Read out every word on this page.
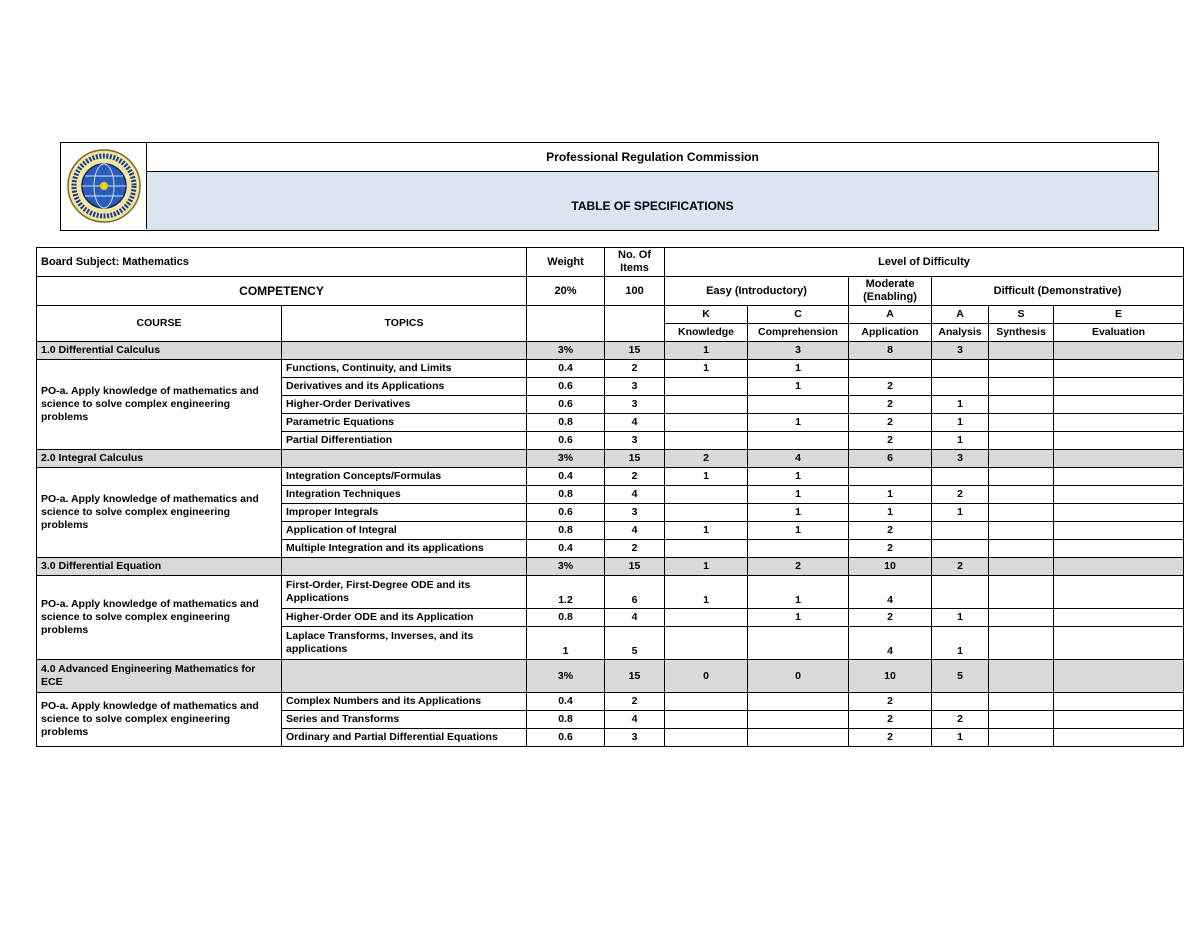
Professional Regulation Commission
TABLE OF SPECIFICATIONS
Board Subject: Mathematics		Weight	No. Of Items	Level of Difficulty					
COMPETENCY		20%	100	Easy (Introductory)		Moderate (Enabling)	Difficult (Demonstrative)		
COURSE	TOPICS			K	C	A	A	S	E
				Knowledge	Comprehension	Application	Analysis	Synthesis	Evaluation
1.0 Differential Calculus		3%	15	1	3	8	3		
PO-a. Apply knowledge of mathematics and science to solve complex engineering problems	Functions, Continuity, and Limits	0.4	2	1	1				
	Derivatives and its Applications	0.6	3		1	2			
	Higher-Order Derivatives	0.6	3			2	1		
	Parametric Equations	0.8	4		1	2	1		
	Partial Differentiation	0.6	3			2	1		
2.0 Integral Calculus		3%	15	2	4	6	3		
PO-a. Apply knowledge of mathematics and science to solve complex engineering problems	Integration Concepts/Formulas	0.4	2	1	1				
	Integration Techniques	0.8	4		1	1	2		
	Improper Integrals	0.6	3		1	1	1		
	Application of Integral	0.8	4	1	1	2			
	Multiple Integration and its applications	0.4	2			2			
3.0 Differential Equation		3%	15	1	2	10	2		
PO-a. Apply knowledge of mathematics and science to solve complex engineering problems	First-Order, First-Degree ODE and its Applications	1.2	6	1	1	4			
	Higher-Order ODE and its Application	0.8	4		1	2	1		
	Laplace Transforms, Inverses, and its applications	1	5			4	1		
4.0 Advanced Engineering Mathematics for ECE		3%	15	0	0	10	5		
PO-a. Apply knowledge of mathematics and science to solve complex engineering problems	Complex Numbers and its Applications	0.4	2			2			
	Series and Transforms	0.8	4			2	2		
	Ordinary and Partial Differential Equations	0.6	3			2	1		
